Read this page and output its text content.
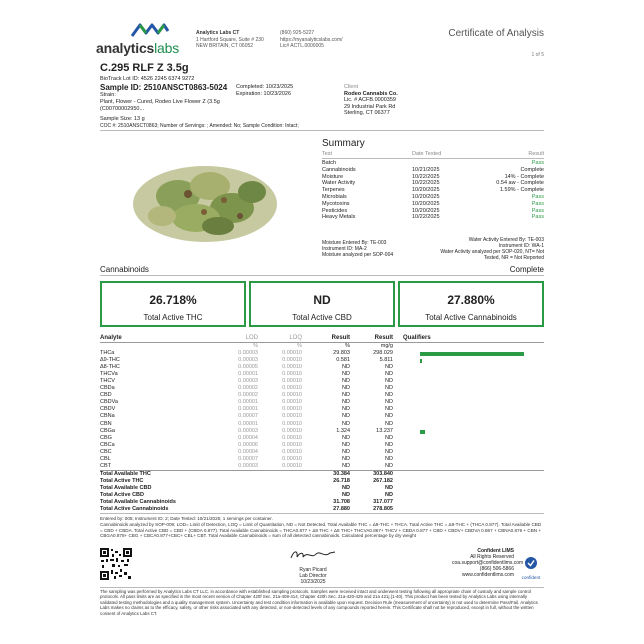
analyticslabs
Analytics Labs CT
1 Hartford Square, Suite # 230
NEW BRITAIN, CT 06052
(860) 925-5227
https://myanalyticslabs.com/
Lic# ACTL.0000005
Certificate of Analysis
1 of 5
C.295 RLF Z 3.5g
BioTrack Lot ID: 4526 2245 6374 9272
Sample ID: 2510ANSCT0863-5024 Completed: 10/23/2025
Expiration: 10/23/2026
Strain:
Plant, Flower - Cured, Rodeo Live Flower Z (3.5g
(C00700002950...
Sample Size: 13 g
COC #: 2510ANSCT0863; Number of Servings: ; Amended: No; Sample Condition: Intact;
Client
Rodeo Cannabis Co.
Lic. # ACFB.0000359
29 Industrial Park Rd
Sterling, CT 06377
Summary
Test	Date Tested	Result
Batch	Pass
Cannabinoids	10/21/2025	Complete
Moisture	10/22/2025	14% - Complete
Water Activity	10/22/2025	0.54 aw - Complete
Terpenes	10/20/2025	1.59% - Complete
Microbials	10/20/2025	Pass
Mycotoxins	10/20/2025	Pass
Pesticides	10/20/2025	Pass
Heavy Metals	10/22/2025	Pass
Moisture Entered By: TE-003
Instrument ID: MA-2
Moisture analyzed per SOP-004
Water Activity Entered By: TE-003
Instrument ID: WA-1
Water Activity analyzed per SOP-020, NT= Not
Tested, NR = Not Reported
Cannabinoids	Complete
26.718%
Total Active THC
ND
Total Active CBD
27.880%
Total Active Cannabinoids
Analyte	LOD	LOQ	Result	Result	Qualifiers
%	%	%	mg/g
THCa	0.00003	0.00010	29.803	298.029
Δ9-THC	0.00003	0.00010	0.581	5.811
Δ8-THC	0.00005	0.00010	ND	ND
THCVa	0.00001	0.00010	ND	ND
THCV	0.00003	0.00010	ND	ND
CBDa	0.00002	0.00010	ND	ND
CBD	0.00002	0.00010	ND	ND
CBDVa	0.00001	0.00010	ND	ND
CBDV	0.00001	0.00010	ND	ND
CBNa	0.00007	0.00010	ND	ND
CBN	0.00001	0.00010	ND	ND
CBGa	0.00003	0.00010	1.324	13.237
CBG	0.00004	0.00010	ND	ND
CBCa	0.00006	0.00010	ND	ND
CBC	0.00004	0.00010	ND	ND
CBL	0.00007	0.00010	ND	ND
CBT	0.00003	0.00010	ND	ND
Total Available THC	30.384	303.840
Total Active THC	26.718	267.182
Total Available CBD	ND	ND
Total Active CBD	ND	ND
Total Available Cannabinoids	31.708	317.077
Total Active Cannabinoids	27.880	278.805
Entered by: 005; Instrument ID: 2; Date Tested: 10/21/2025; 1 servings per container.
Cannabinoids analyzed by SOP-009; LOD= Limit of Detection, LOQ = Limit of Quantitation, ND = Not Detected. Total Available THC = Δ9-THC + THCA. Total Active THC = Δ9-THC + (THCA 0.877). Total Available CBD = CBD + CBDA. Total Active CBD = CBD + (CBDA 0.877). Total Available Cannabinoids = THCA0.877 + Δ9 THC + Δ8 THC+ THCVA0.867+ THCV + CBDA 0.877 + CBD + CBDV+ CBDVA 0.867 + CBNA0.876 + CBN + CBGA0.878+ CBG + CBCA0.877+CBC+ CBL+ CBT. Total Available Cannabinoids = sum of all detected cannabinoids. Calculated percentage by dry weight
Ryan Picard
Lab Director
10/23/2025
Confident LIMS
All Rights Reserved
coa.support@confidentlims.com
(866) 506-5866
www.confidentlims.com	confident
The sampling was performed by Analytics Labs CT LLC. in accordance with established sampling protocols. Samples were received intact and underwent testing following all appropriate chain of custody and sample control protocols. All pass limits are as specified in the most recent version of Chapter 420f Sec. 21a-408-414, Chapter 420h Sec. 21a-420-429 and 21a 421j (1-40). This product has been tested by Analytics Labs using internally validated testing methodologies and a quality management system. Uncertainty and test condition information is available upon request. Decision Rule (measurement of uncertainty) is not used to determine Pass/Fail. Analytics Labs makes no claims as to the efficacy, safety, or other risks associated with any detected, or non-detected levels of any compounds reported herein. This Certificate shall not be reproduced, except in full, without the written consent of Analytics Labs CT.
